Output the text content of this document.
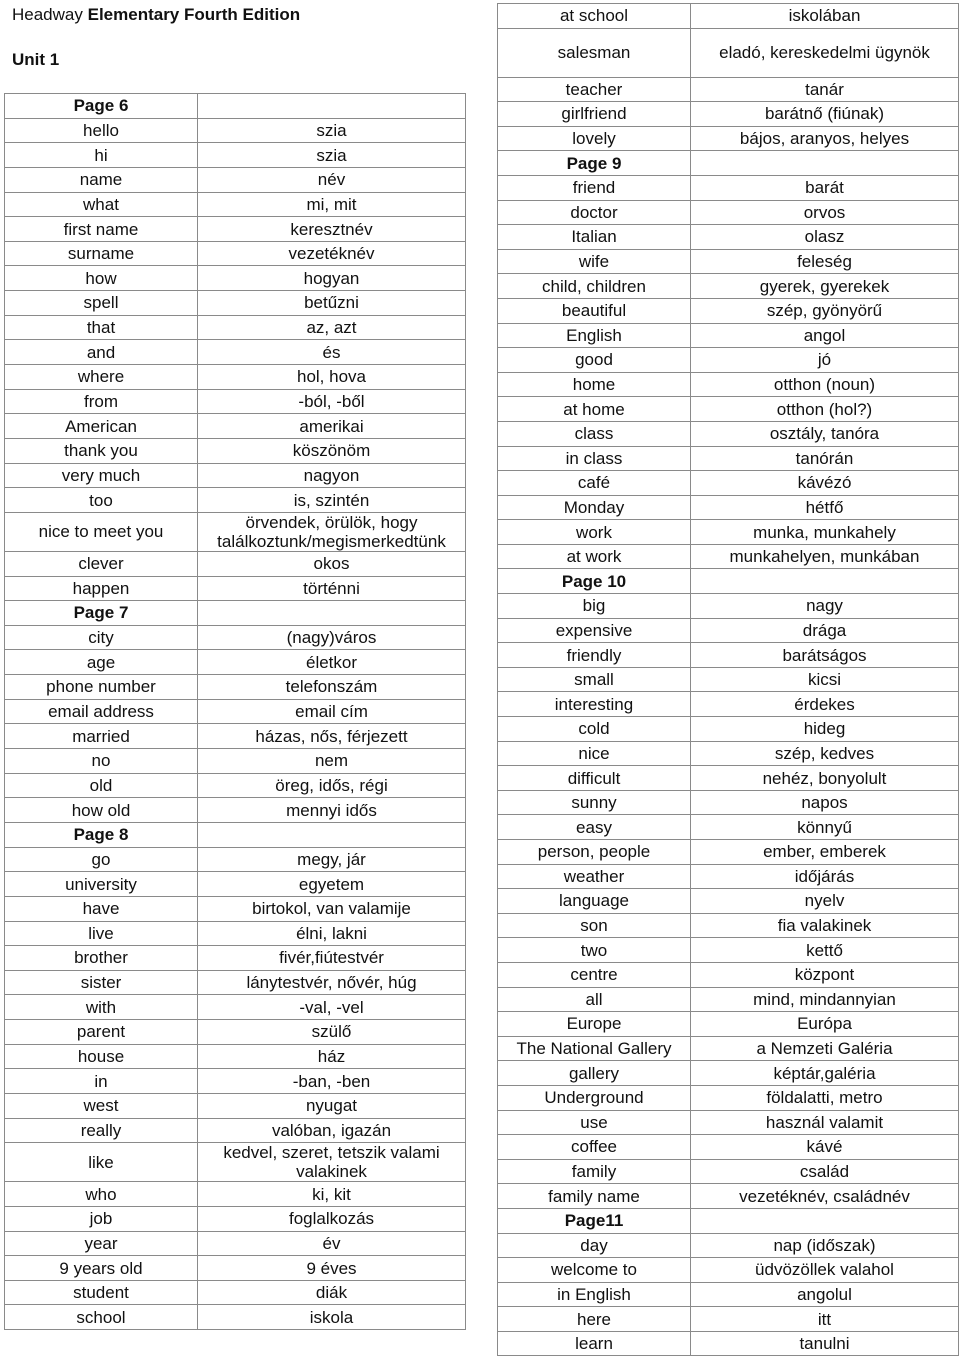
Headway Elementary Fourth Edition
Unit 1
Page 6	
hello	szia
hi	szia
name	név
what	mi, mit
first name	keresztnév
surname	vezetéknév
how	hogyan
spell	betűzni
that	az, azt
and	és
where	hol, hova
from	-ból, -ből
American	amerikai
thank you	köszönöm
very much	nagyon
too	is, szintén
nice to meet you	örvendek, örülök, hogy találkoztunk/megismerkedtünk
clever	okos
happen	történni
Page 7	
city	(nagy)város
age	életkor
phone number	telefonszám
email address	email cím
married	házas, nős, férjezett
no	nem
old	öreg, idős, régi
how old	mennyi idős
Page 8	
go	megy, jár
university	egyetem
have	birtokol, van valamije
live	élni, lakni
brother	fivér,fiútestvér
sister	lánytestvér, nővér, húg
with	-val, -vel
parent	szülő
house	ház
in	-ban, -ben
west	nyugat
really	valóban, igazán
like	kedvel, szeret, tetszik valami valakinek
who	ki, kit
job	foglalkozás
year	év
9 years old	9 éves
student	diák
school	iskola
at school	iskolában
salesman	eladó, kereskedelmi ügynök
teacher	tanár
girlfriend	barátnő (fiúnak)
lovely	bájos, aranyos, helyes
Page 9	
friend	barát
doctor	orvos
Italian	olasz
wife	feleség
child, children	gyerek, gyerekek
beautiful	szép, gyönyörű
English	angol
good	jó
home	otthon (noun)
at home	otthon (hol?)
class	osztály, tanóra
in class	tanórán
café	kávézó
Monday	hétfő
work	munka, munkahely
at work	munkahelyen, munkában
Page 10	
big	nagy
expensive	drága
friendly	barátságos
small	kicsi
interesting	érdekes
cold	hideg
nice	szép, kedves
difficult	nehéz, bonyolult
sunny	napos
easy	könnyű
person, people	ember, emberek
weather	időjárás
language	nyelv
son	fia valakinek
two	kettő
centre	központ
all	mind, mindannyian
Europe	Európa
The National Gallery	a Nemzeti Galéria
gallery	képtár,galéria
Underground	földalatti, metro
use	használ valamit
coffee	kávé
family	család
family name	vezetéknév, családnév
Page11	
day	nap (időszak)
welcome to	üdvözöllek valahol
in English	angolul
here	itt
learn	tanulni
